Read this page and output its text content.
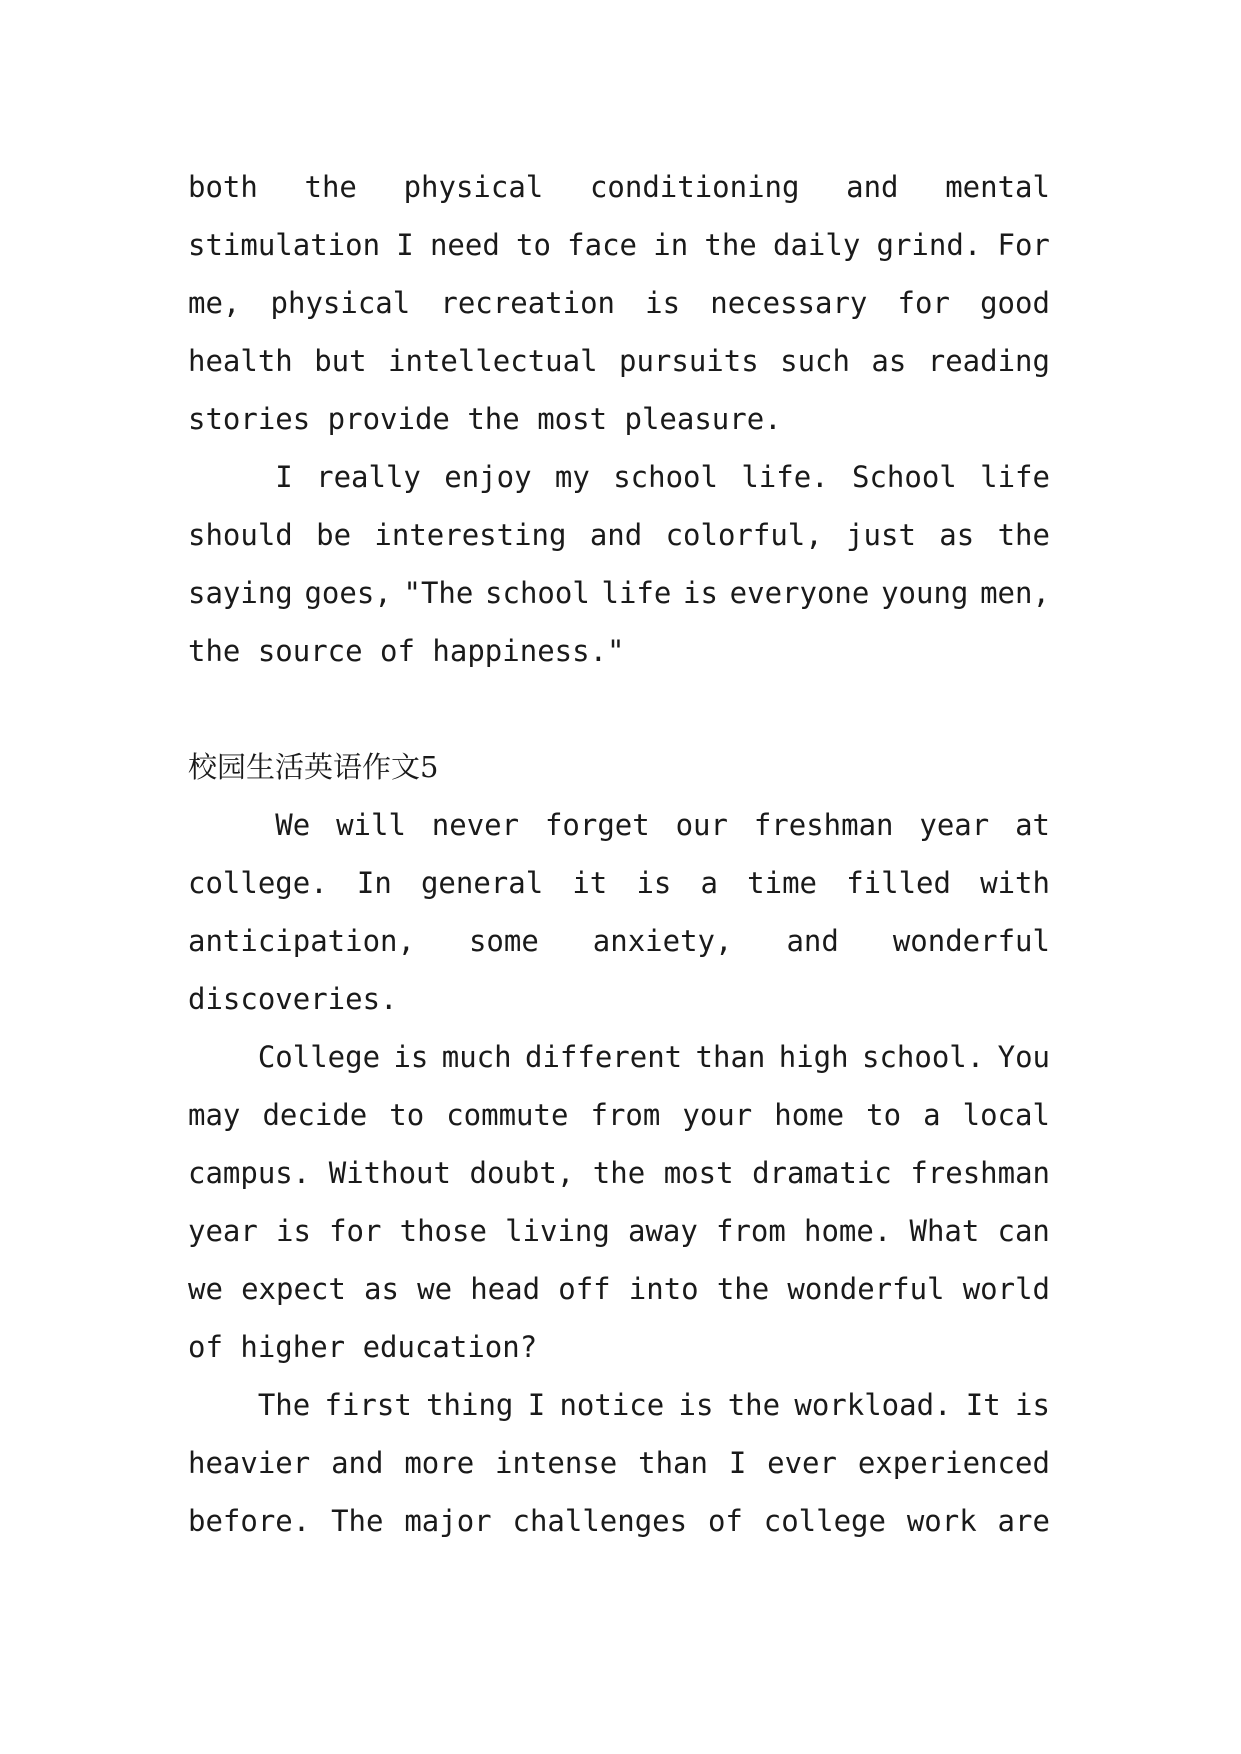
both the physical conditioning and mental
stimulation I need to face in the daily grind. For
me, physical recreation is necessary for good
health but intellectual pursuits such as reading
stories provide the most pleasure.
I really enjoy my school life. School life
should be interesting and colorful, just as the
saying goes, "The school life is everyone young men,
the source of happiness."
校园生活英语作文5
We will never forget our freshman year at
college. In general it is a time filled with
anticipation, some anxiety, and wonderful
discoveries.
College is much different than high school. You
may decide to commute from your home to a local
campus. Without doubt, the most dramatic freshman
year is for those living away from home. What can
we expect as we head off into the wonderful world
of higher education?
The first thing I notice is the workload. It is
heavier and more intense than I ever experienced
before. The major challenges of college work are
